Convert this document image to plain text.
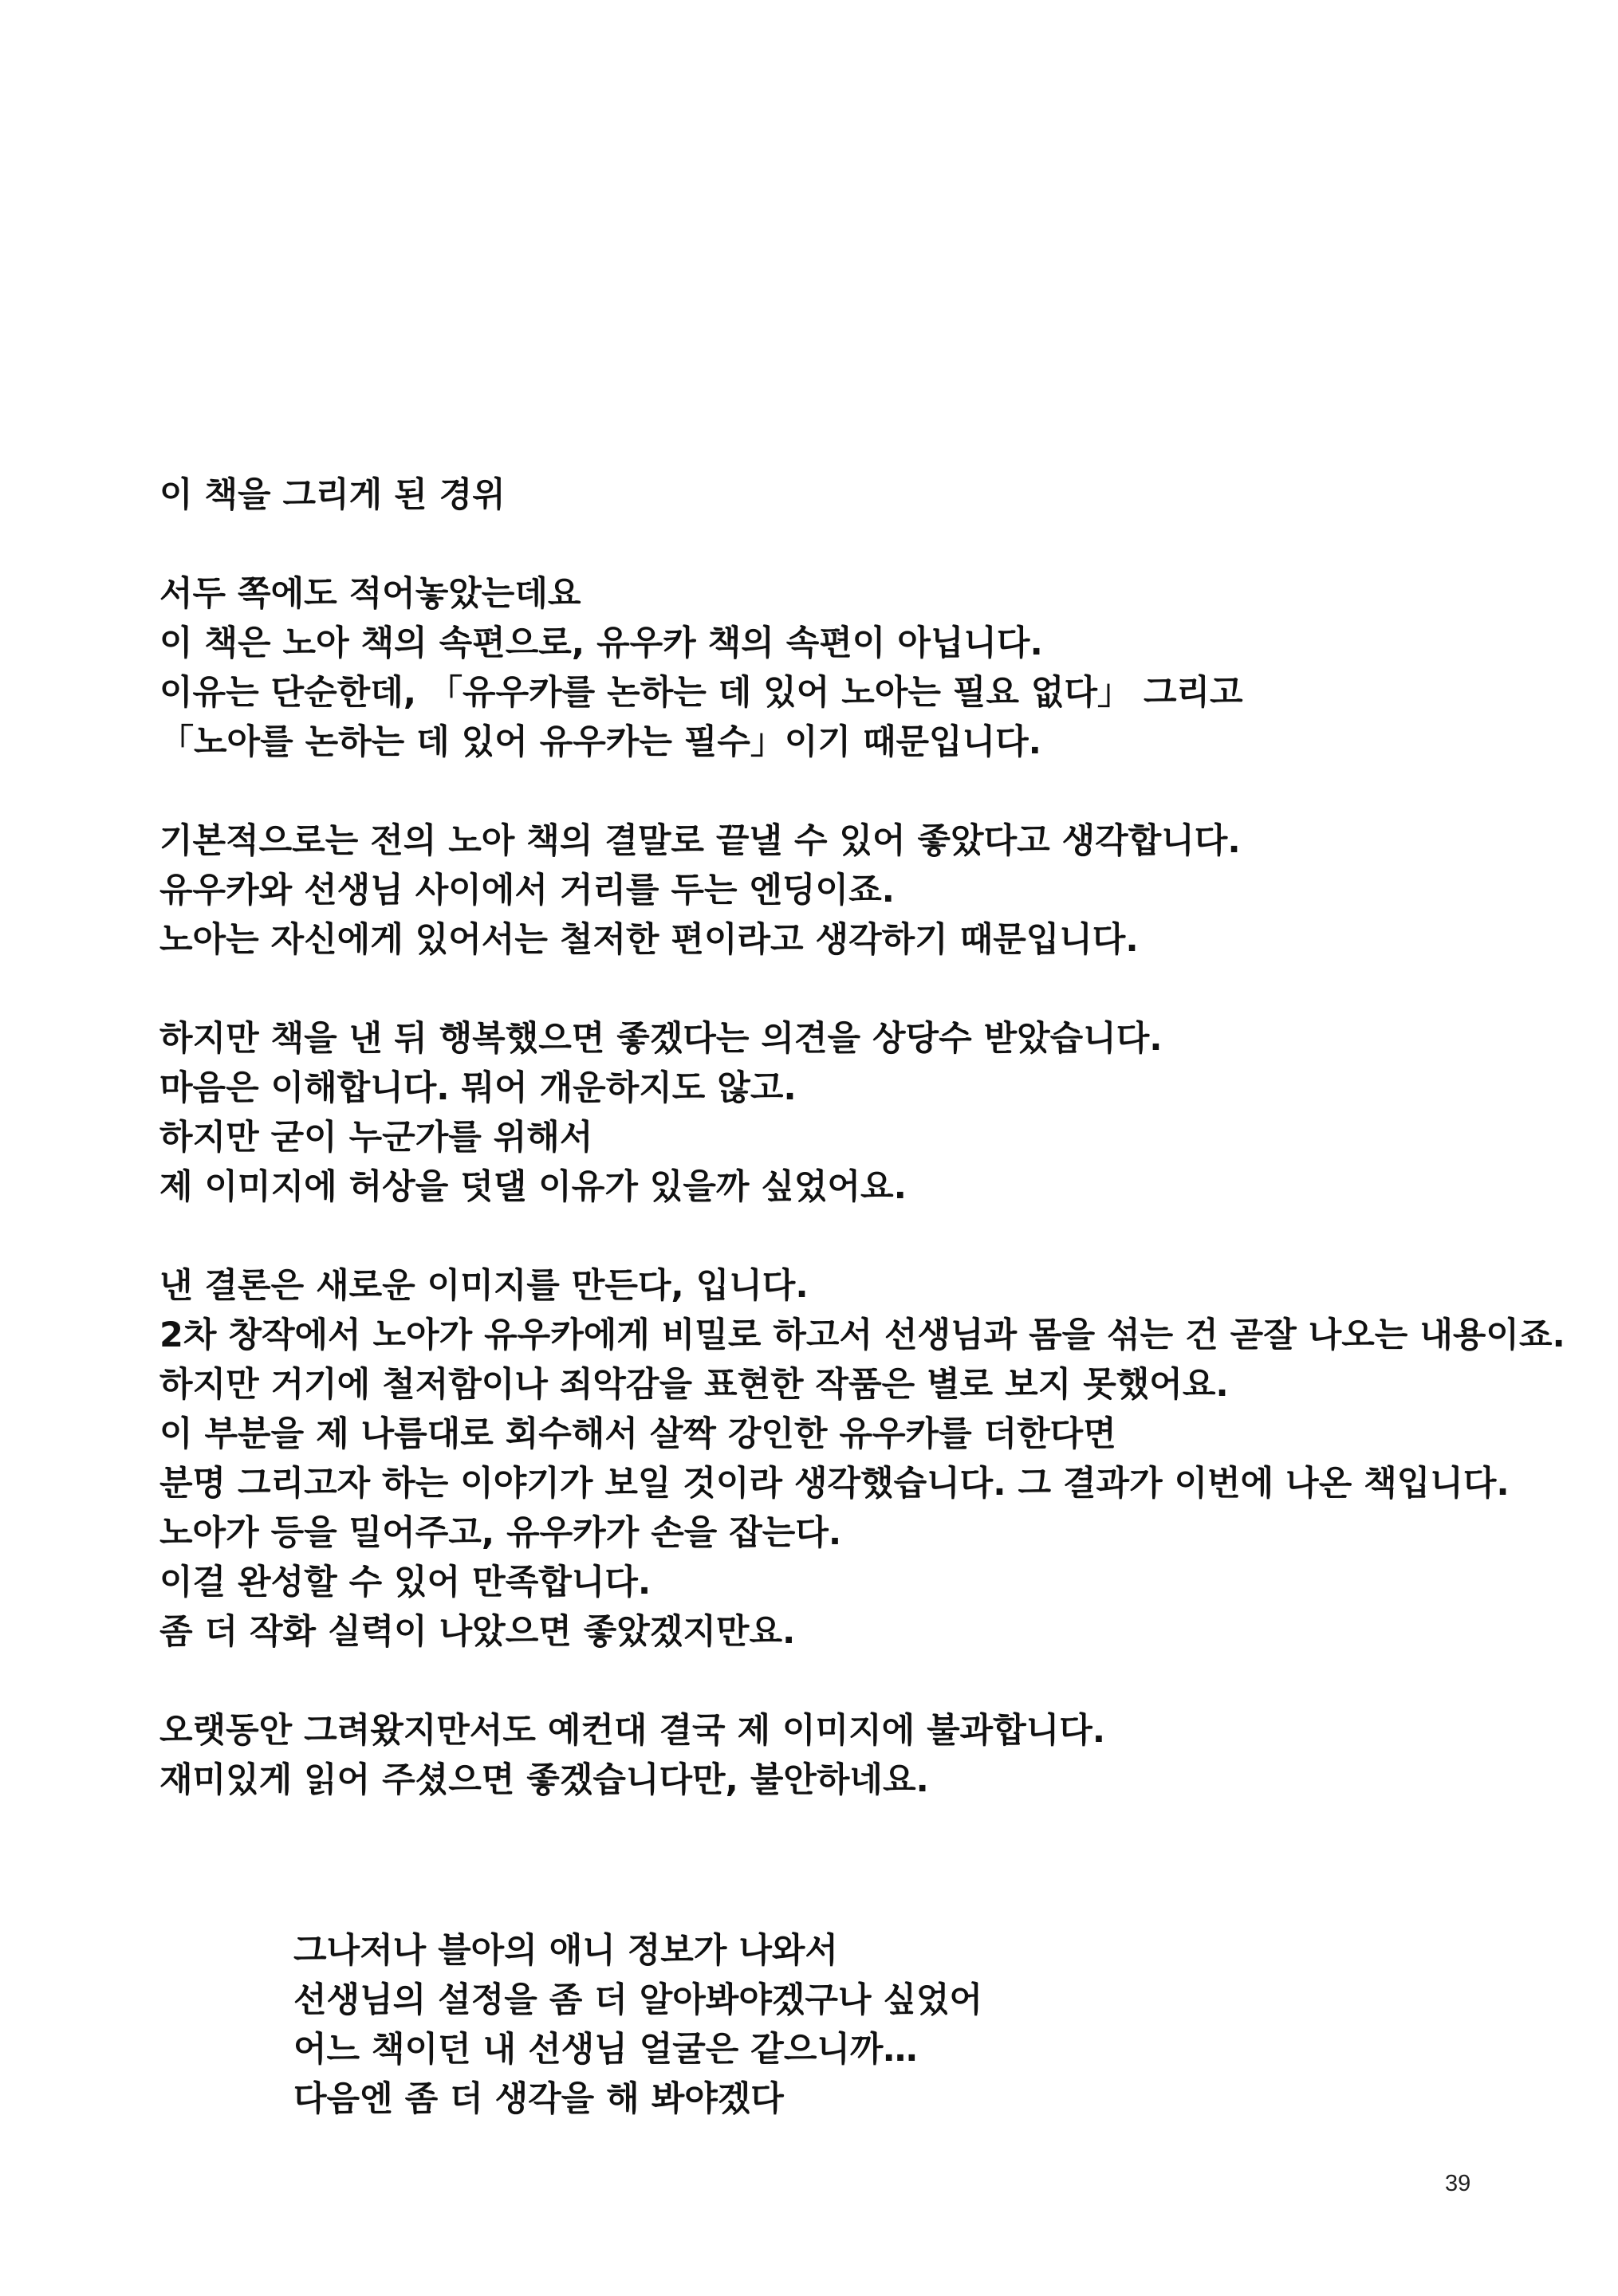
이 책을 그리게 된 경위
서두 쪽에도 적어놓았는데요
이 책은 노아 책의 속편으로, 유우카 책의 속편이 아닙니다.
이유는 단순한데, 「유우카를 논하는 데 있어 노아는 필요 없다」 그리고
「노아를 논하는 데 있어 유우카는 필수」이기 때문입니다.
기본적으로는 전의 노아 책의 결말로 끝낼 수 있어 좋았다고 생각합니다.
유우카와 선생님 사이에서 거리를 두는 엔딩이죠.
노아는 자신에게 있어서는 철저한 편이라고 생각하기 때문입니다.
하지만 책을 낸 뒤 행복했으면 좋겠다는 의견을 상당수 받았습니다.
마음은 이해합니다. 뭐어 개운하지도 않고.
하지만 굳이 누군가를 위해서
제 이미지에 허상을 덧댈 이유가 있을까 싶었어요.
낸 결론은 새로운 이미지를 만든다, 입니다.
2차 창작에서 노아가 유우카에게 비밀로 하고서 선생님과 몸을 섞는 건 곧잘 나오는 내용이죠.
하지만 거기에 철저함이나 죄악감을 표현한 작품은 별로 보지 못했어요.
이 부분을 제 나름대로 회수해서 살짝 강인한 유우카를 더한다면
분명 그리고자 하는 이야기가 보일 것이라 생각했습니다. 그 결과가 이번에 나온 책입니다.
노아가 등을 밀어주고, 유우카가 손을 잡는다.
이걸 완성할 수 있어 만족합니다.
좀 더 작화 실력이 나았으면 좋았겠지만요.
오랫동안 그려왔지만서도 예컨대 결국 제 이미지에 불과합니다.
재미있게 읽어 주셨으면 좋겠습니다만, 불안하네요.
그나저나 블아의 애니 정보가 나와서
선생님의 설정을 좀 더 알아봐야겠구나 싶었어
어느 책이던 내 선생님 얼굴은 같으니까…
다음엔 좀 더 생각을 해 봐야겠다
39
